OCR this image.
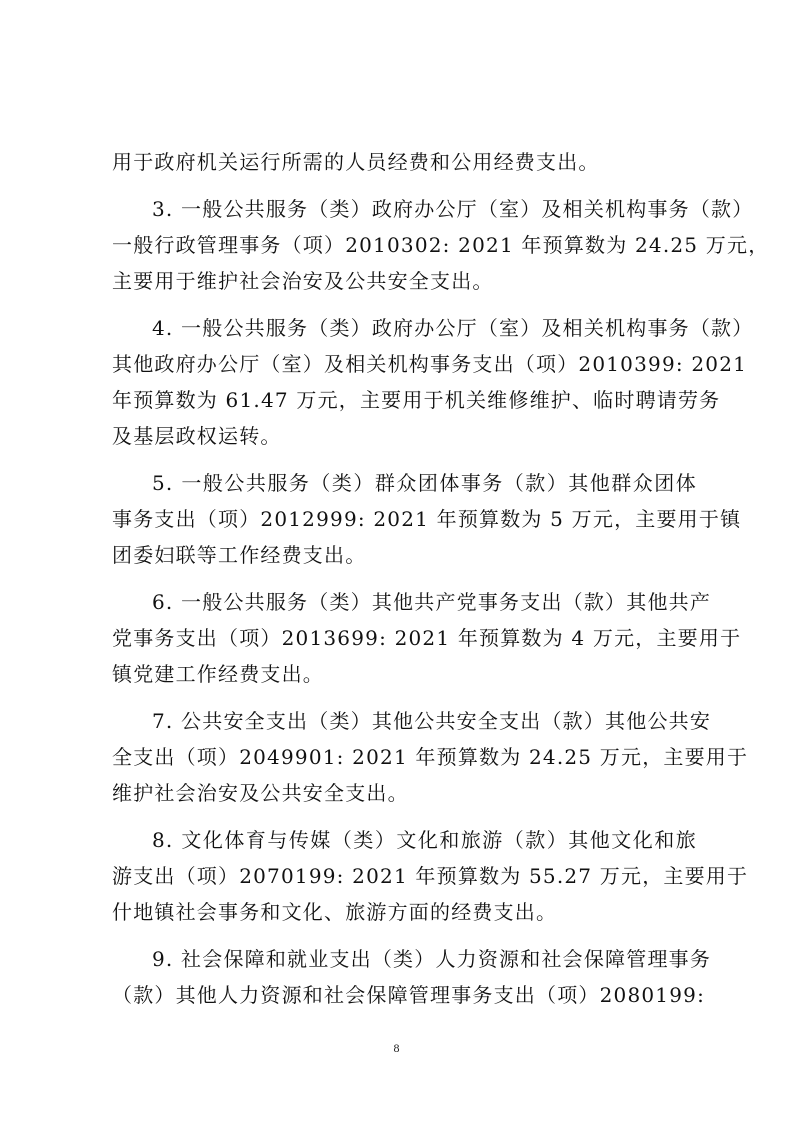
用于政府机关运行所需的人员经费和公用经费支出。
3. 一般公共服务（类）政府办公厅（室）及相关机构事务（款）
一般行政管理事务（项）2010302: 2021 年预算数为 24.25 万元，
主要用于维护社会治安及公共安全支出。
4. 一般公共服务（类）政府办公厅（室）及相关机构事务（款）
其他政府办公厅（室）及相关机构事务支出（项）2010399: 2021
年预算数为 61.47 万元，主要用于机关维修维护、临时聘请劳务
及基层政权运转。
5. 一般公共服务（类）群众团体事务（款）其他群众团体
事务支出（项）2012999: 2021 年预算数为 5 万元，主要用于镇
团委妇联等工作经费支出。
6. 一般公共服务（类）其他共产党事务支出（款）其他共产
党事务支出（项）2013699: 2021 年预算数为 4 万元，主要用于
镇党建工作经费支出。
7. 公共安全支出（类）其他公共安全支出（款）其他公共安
全支出（项）2049901: 2021 年预算数为 24.25 万元，主要用于
维护社会治安及公共安全支出。
8. 文化体育与传媒（类）文化和旅游（款）其他文化和旅
游支出（项）2070199: 2021 年预算数为 55.27 万元，主要用于
什地镇社会事务和文化、旅游方面的经费支出。
9. 社会保障和就业支出（类）人力资源和社会保障管理事务
（款）其他人力资源和社会保障管理事务支出（项）2080199:
8
